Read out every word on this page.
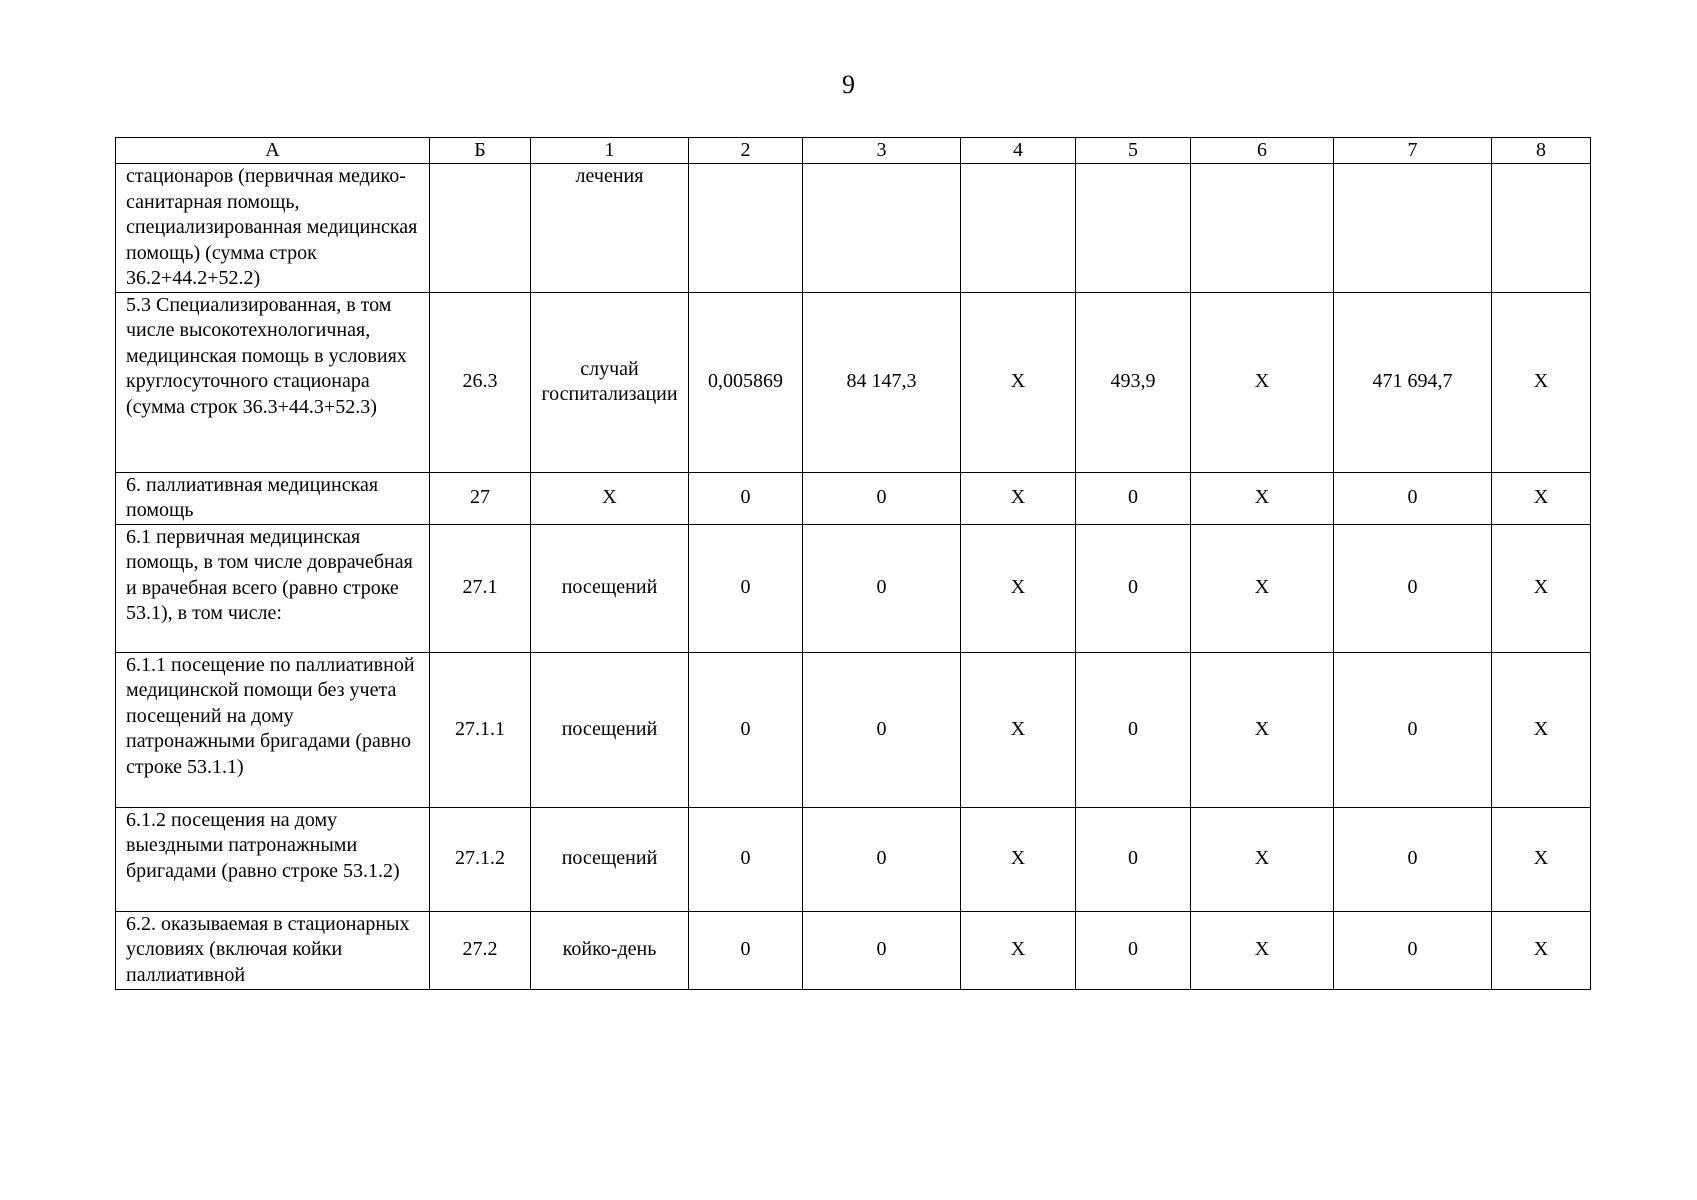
9
А	Б	1	2	3	4	5	6	7	8
стационаров (первичная медико-санитарная помощь, специализированная медицинская помощь) (сумма строк 36.2+44.2+52.2)		лечения							
5.3 Специализированная, в том числе высокотехнологичная, медицинская помощь в условиях круглосуточного стационара (сумма строк 36.3+44.3+52.3)	26.3	случай госпитализации	0,005869	84 147,3	Х	493,9	Х	471 694,7	Х
6. паллиативная медицинская помощь	27	Х	0	0	Х	0	Х	0	Х
6.1 первичная медицинская помощь, в том числе доврачебная и врачебная всего (равно строке 53.1), в том числе:	27.1	посещений	0	0	Х	0	Х	0	Х
6.1.1 посещение по паллиативной медицинской помощи без учета посещений на дому патронажными бригадами (равно строке 53.1.1)	27.1.1	посещений	0	0	Х	0	Х	0	Х
6.1.2 посещения на дому выездными патронажными бригадами (равно строке 53.1.2)	27.1.2	посещений	0	0	Х	0	Х	0	Х
6.2. оказываемая в стационарных условиях (включая койки паллиативной	27.2	койко-день	0	0	Х	0	Х	0	Х
